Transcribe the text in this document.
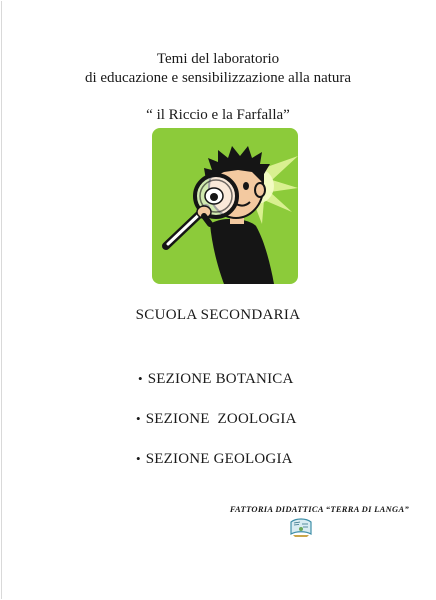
Temi del laboratorio
di educazione e sensibilizzazione alla natura
“ il Riccio e la Farfalla”
SCUOLA SECONDARIA
• SEZIONE BOTANICA
• SEZIONE  ZOOLOGIA
• SEZIONE GEOLOGIA
FATTORIA DIDATTICA “TERRA DI LANGA”
